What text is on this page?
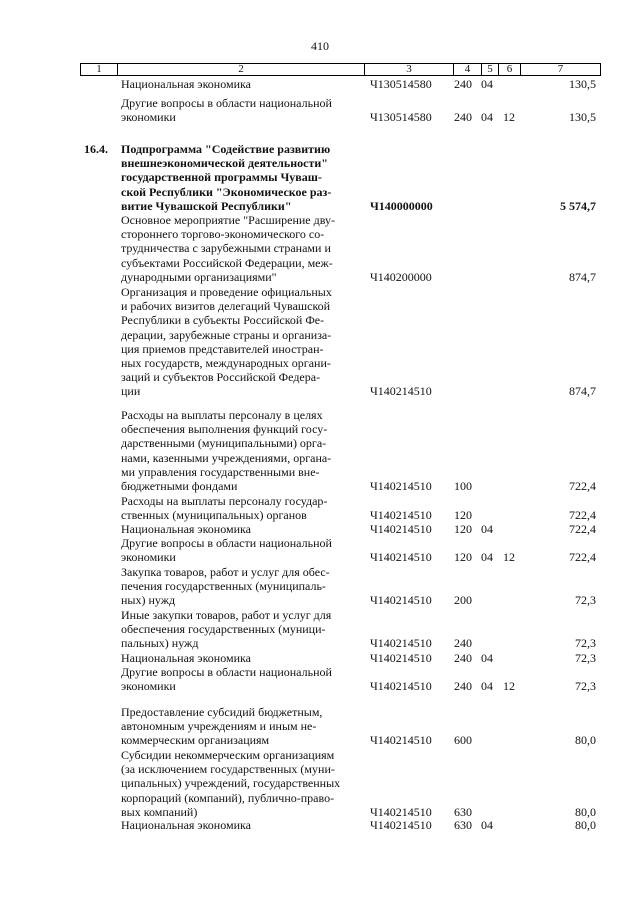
410
1	2	3	4	5	6	7
Национальная экономика	Ч130514580	240 04	130,5
Другие вопросы в области национальной
экономики	Ч130514580	240 04 12	130,5
16.4.	Подпрограмма "Содействие развитию
внешнеэкономической деятельности"
государственной программы Чуваш-
ской Республики "Экономическое раз-
витие Чувашской Республики"	Ч140000000	5 574,7
Основное мероприятие "Расширение дву-
стороннего торгово-экономического со-
трудничества с зарубежными странами и
субъектами Российской Федерации, меж-
дународными организациями"	Ч140200000	874,7
Организация и проведение официальных
и рабочих визитов делегаций Чувашской
Республики в субъекты Российской Фе-
дерации, зарубежные страны и организа-
ция приемов представителей иностран-
ных государств, международных органи-
заций и субъектов Российской Федера-
ции	Ч140214510	874,7
Расходы на выплаты персоналу в целях
обеспечения выполнения функций госу-
дарственными (муниципальными) орга-
нами, казенными учреждениями, органа-
ми управления государственными вне-
бюджетными фондами	Ч140214510	100	722,4
Расходы на выплаты персоналу государ-
ственных (муниципальных) органов	Ч140214510	120	722,4
Национальная экономика	Ч140214510	120 04	722,4
Другие вопросы в области национальной
экономики	Ч140214510	120 04 12	722,4
Закупка товаров, работ и услуг для обес-
печения государственных (муниципаль-
ных) нужд	Ч140214510	200	72,3
Иные закупки товаров, работ и услуг для
обеспечения государственных (муници-
пальных) нужд	Ч140214510	240	72,3
Национальная экономика	Ч140214510	240 04	72,3
Другие вопросы в области национальной
экономики	Ч140214510	240 04 12	72,3
Предоставление субсидий бюджетным,
автономным учреждениям и иным не-
коммерческим организациям	Ч140214510	600	80,0
Субсидии некоммерческим организациям
(за исключением государственных (муни-
ципальных) учреждений, государственных
корпораций (компаний), публично-право-
вых компаний)	Ч140214510	630	80,0
Национальная экономика	Ч140214510	630 04	80,0
